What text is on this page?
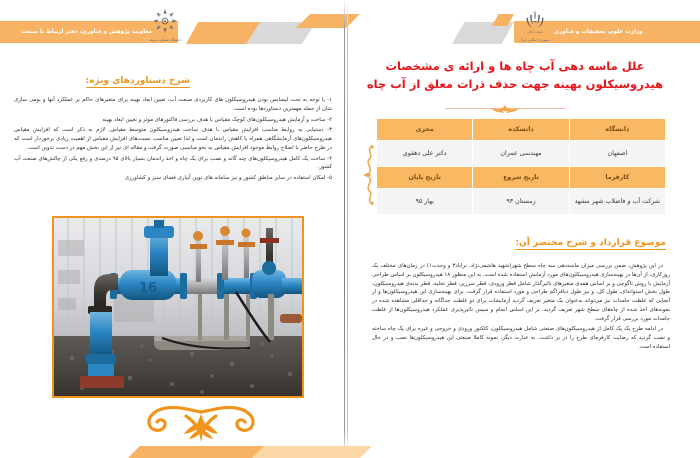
معاونت پژوهش و فناوری، دفتر ارتباط با صنعت	وزارت علوم، تحقیقات و فناوری
دانشگاه صنعتی شریف
جمهوری اسلامی
جمهوری اسلامی ایران
علل ماسه دهی آب چاه ها و ارائه ی مشخصات هیدروسیکلون بهینه جهت حذف ذرات معلق از آب چاه
دانشگاه	دانشکده	مجری
اصفهان	مهندسی عمران	دکتر علی دهقوی
کارفرما	تاریخ شروع	تاریخ پایان
شرکت آب و فاضلاب شهر مشهد	زمستان ۹۳	بهار ۹۵
موضوع قرارداد و شرح مختصر آن:

در این پژوهش، ضمن بررسی میزان ماسه‌دهی سه چاه سطح شهر(شهید هاشمی‌نژاد، نراباد۳ و وحدت۱) در زمان‌های مختلف یک روزکاری، از آن‌ها در بهینه‌سازی هیدروسیکلون‌های مورد آزمایش استفاده شده است. به این منظور ۱۸ هیدروسیکلون بر اساس طراحی آزمایش با روش تاگوچی و بر اساس همه‌ی متغیرهای تاثیرگذار شامل قطر ورودی، قطر سرریز، قطر تخلیه، قطر بدنه‌ی هیدروسیکلون، طول بخش استوانه‌ای، طول کل، و نیز طول دیافراگم طراحی و مورد استفاده قرار گرفت. برای بهینه‌سازی این هیدروسیکلون‌ها و از آنجایی که غلظت جامدات نیز می‌تواند به‌عنوان یک متغیر تعریف گردید آزمایشات برای دو غلظت جداگانه و حداقلی مشاهده شده در نمونه‌های اخذ شده از چاه‌های سطح شهر تعریف گردید. بر این اساس انجام و سپس تاثیرپذیری عملکرد هیدروسیکلون‌ها از غلظت جامدات مورد بررسی قرار گرفت.

در ادامه طرح یک پک کامل از هیدروسیکلون‌های صنعتی شامل هیدروسیکلون، کلکتور ورودی و خروجی و غیره برای یک چاه ساخته و نصب گردید که رضایت کارفرمای طرح را در بر داشت. به عبارت دیگر، نمونه کاملا صنعتی این هیدروسیکلون‌ها نصب و در حال استفاده است.

شرح دستاوردهای ویژه:

۱- با توجه به تحت لیسانس بودن هیدروسیکلون های کاربردی صنعت آب، تعیین ابعاد بهینه برای متغیرهای حاکم بر عملکرد آنها و بومی سازی شان از جمله مهمترین دستاوردها بوده است.

۲- ساخت و آزمایش هیدروسیکلون‌های کوچک مقیاس با هدف بررسی فاکتورهای موثر و تعیین ابعاد بهینه

۳- دستیابی به روابط مناسب افزایش مقیاس با هدف ساخت هیدروسیکلون متوسط مقیاس. لازم به ذکر است که افزایش مقیاس هیدروسیکلون‌های آزمایشگاهی همراه با کاهش راندمان است و لذا تعیین مناسب نسبت‌های افزایش مقیاس از اهمیت زیادی برخوردار است که در طرح حاضر با اصلاح روابط موجود افزایش مقیاس به نحو مناسبی صورت گرفت و مقاله ای نیز از این بخش مهم در دست تدوین است.

۴- ساخت یک کامل هیدروسیکلون‌های چند گانه و نصب برای یک چاه و اخذ راندمان بسیار بالای ۹۵ درصدی و رفع یکی از چالش‌های صنعت آب کشور.

۵- امکان استفاده در سایر مناطق کشور و نیز سامانه های نوین آبیاری فضای سبز و کشاورزی

16
